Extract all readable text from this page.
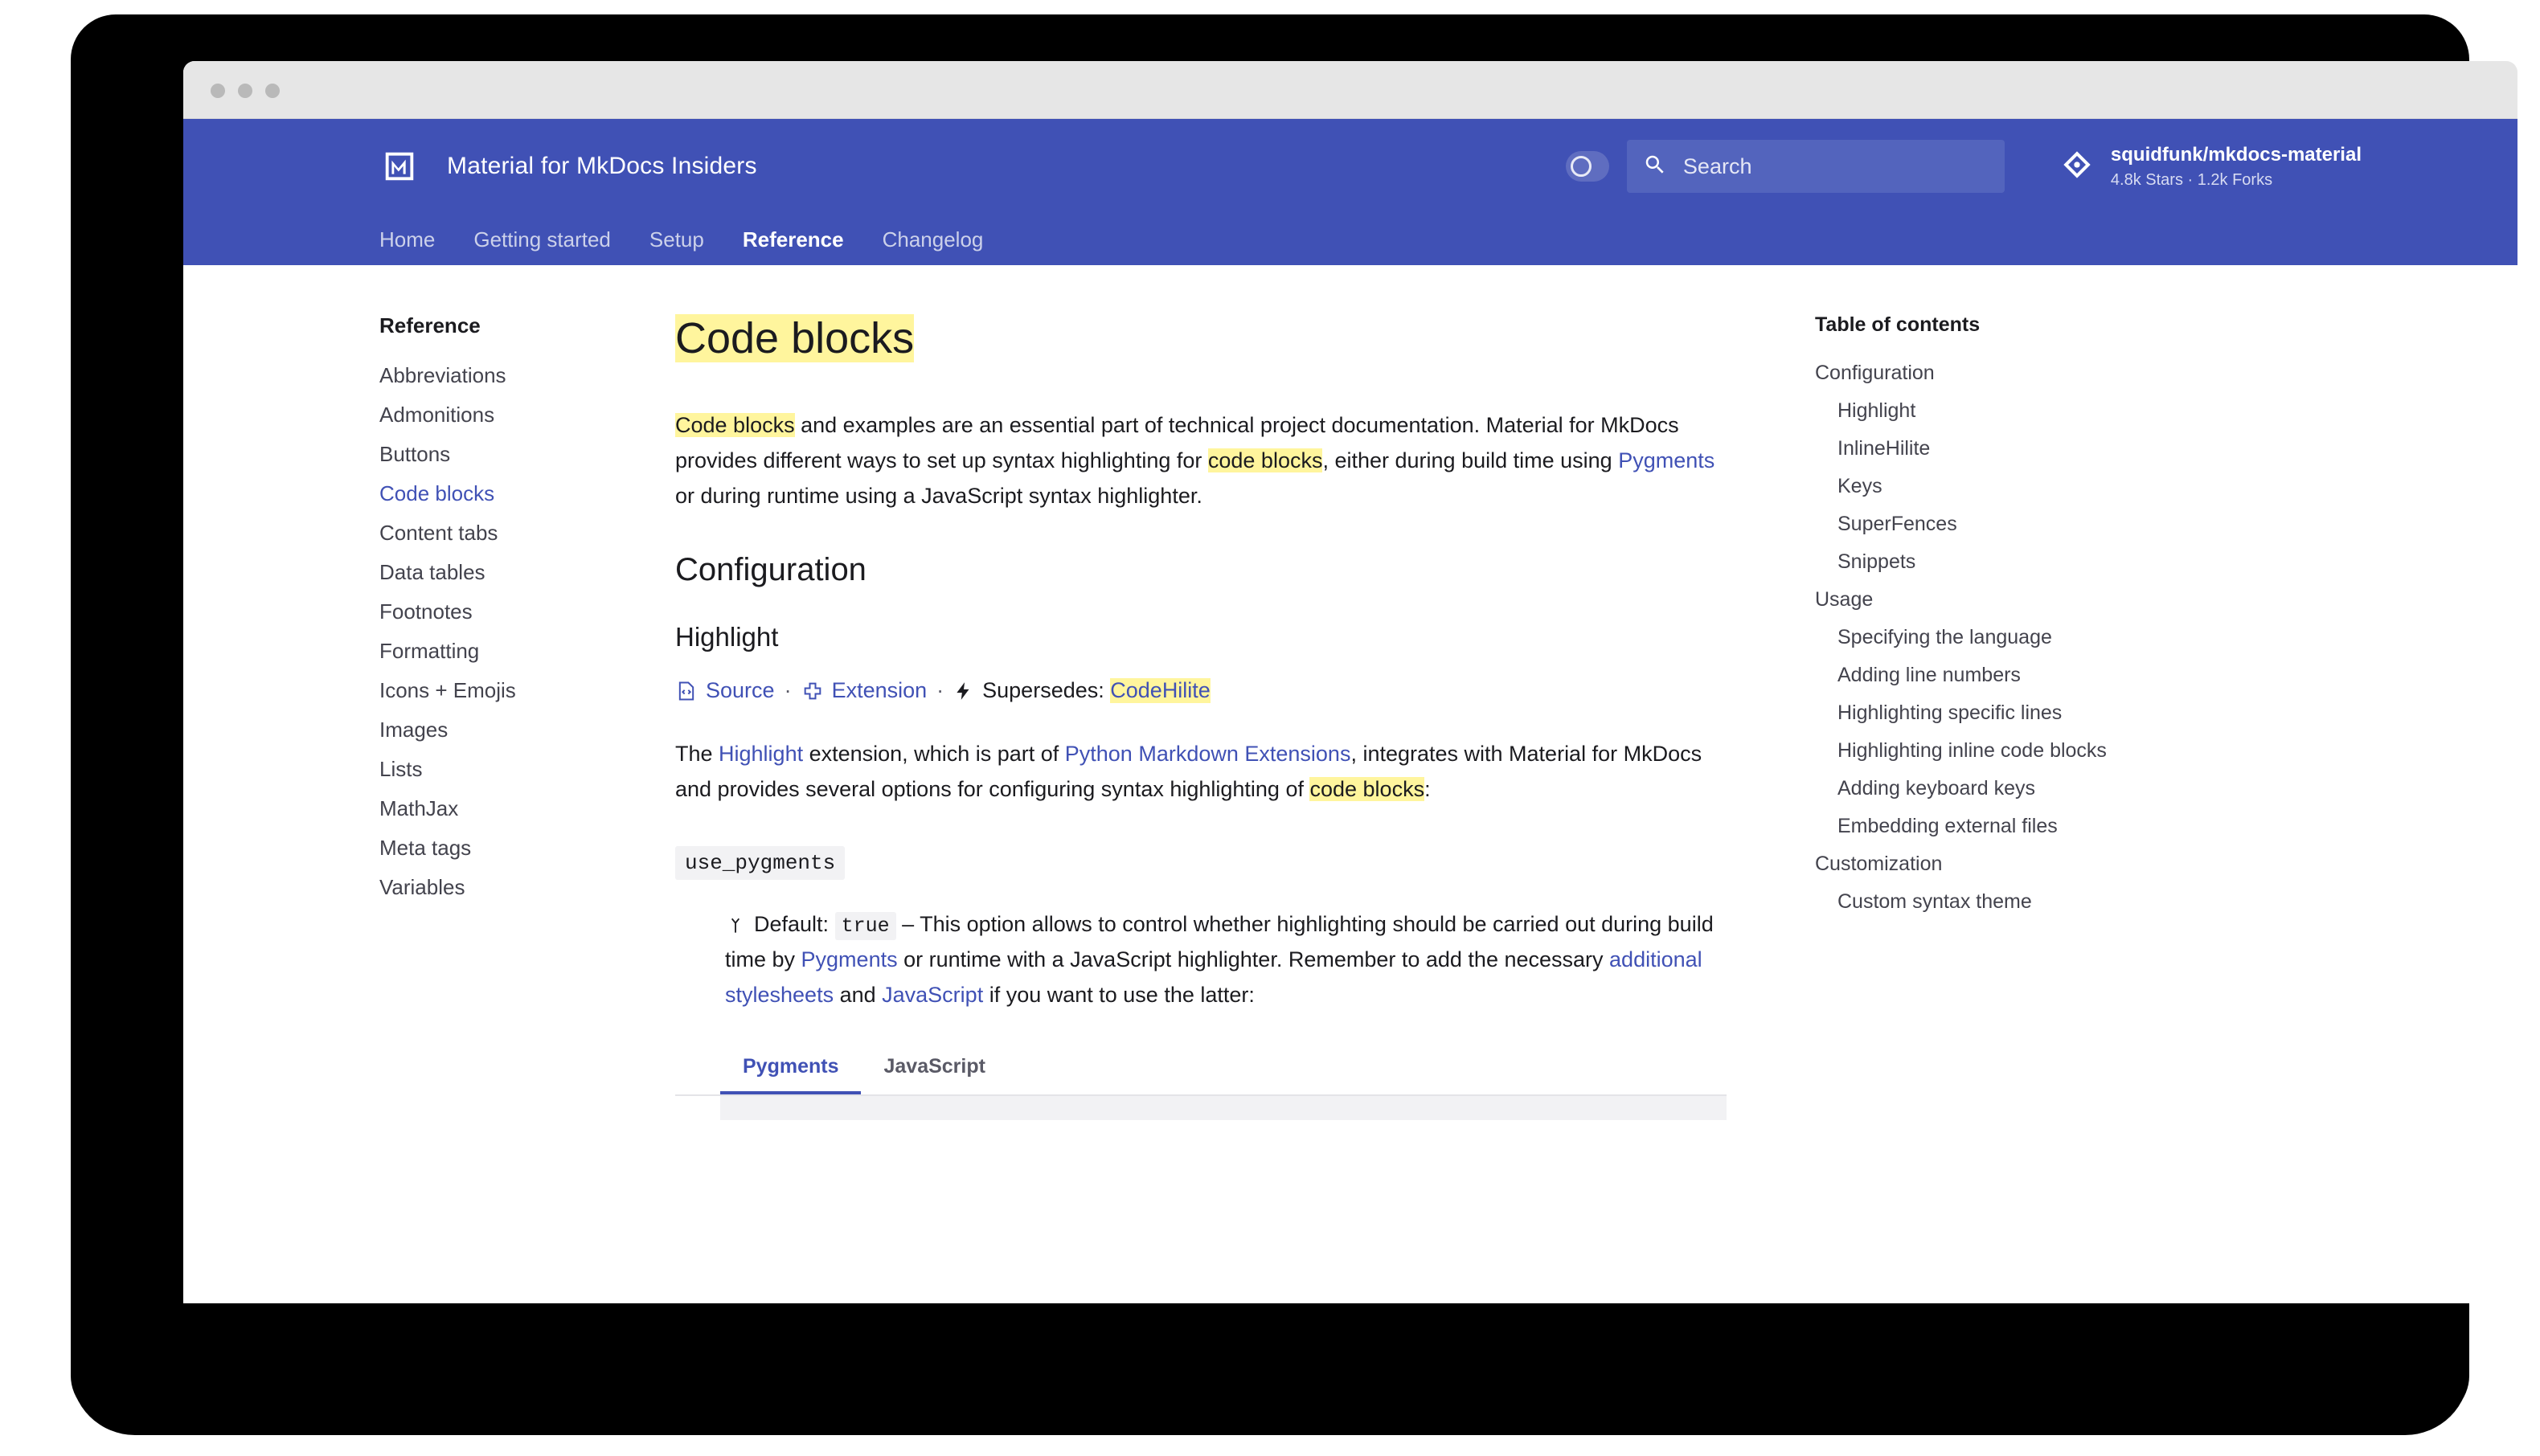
Material for MkDocs Insiders	Search	squidfunk/mkdocs-material
4.8k Stars · 1.2k Forks
Home Getting started Setup Reference Changelog
Reference
Abbreviations
Admonitions
Buttons
Code blocks
Content tabs
Data tables
Footnotes
Formatting
Icons + Emojis
Images
Lists
MathJax
Meta tags
Variables
Code blocks

Code blocks and examples are an essential part of technical project documentation. Material for MkDocs provides different ways to set up syntax highlighting for code blocks, either during build time using Pygments or during runtime using a JavaScript syntax highlighter.

Configuration
Highlight
Source · Extension · Supersedes:
CodeHilite

The Highlight extension, which is part of Python Markdown Extensions, integrates with Material for MkDocs and provides several options for configuring syntax highlighting of code blocks:

use_pygments
Default: true – This option allows to control whether highlighting should be carried out during build time by Pygments or runtime with a JavaScript highlighter. Remember to add the necessary additional stylesheets and JavaScript if you want to use the latter:
Pygments	JavaScript
Table of contents
Configuration
Highlight
InlineHilite
Keys
SuperFences
Snippets
Usage
Specifying the language
Adding line numbers
Highlighting specific lines
Highlighting inline code blocks
Adding keyboard keys
Embedding external files
Customization
Custom syntax theme
